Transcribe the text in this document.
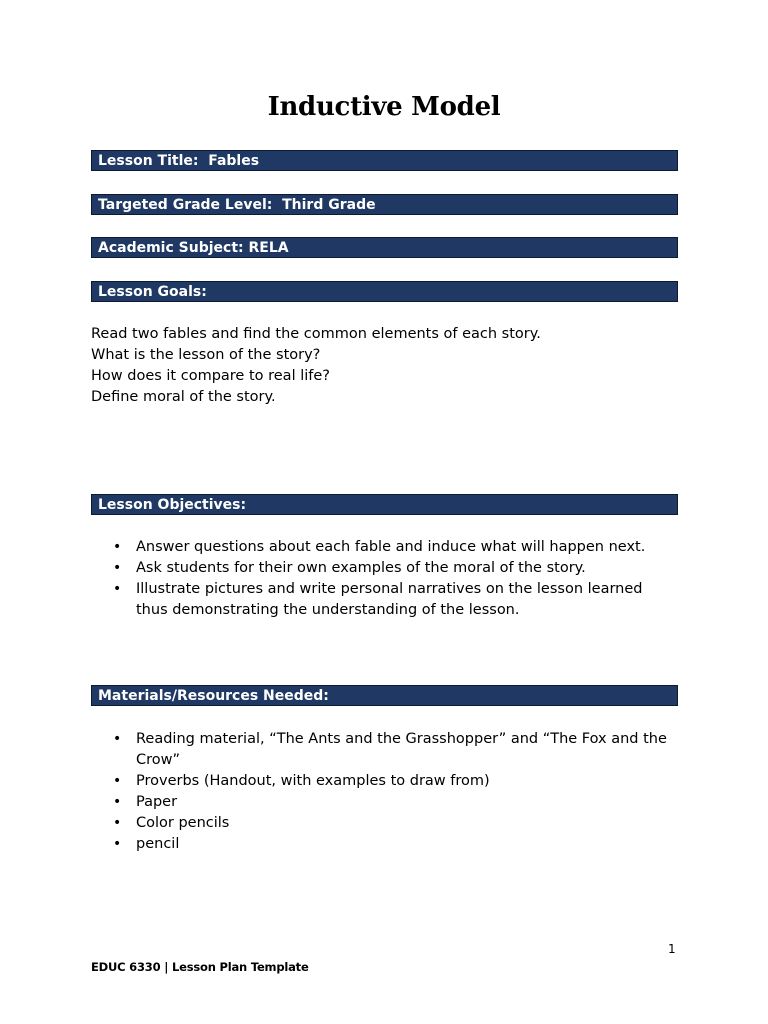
Inductive Model
Lesson Title:  Fables
Targeted Grade Level:  Third Grade
Academic Subject: RELA
Lesson Goals:
Read two fables and find the common elements of each story.
What is the lesson of the story?
How does it compare to real life?
Define moral of the story.
Lesson Objectives:
• Answer questions about each fable and induce what will happen next.
• Ask students for their own examples of the moral of the story.
• Illustrate pictures and write personal narratives on the lesson learned thus demonstrating the understanding of the lesson.
Materials/Resources Needed:
• Reading material, “The Ants and the Grasshopper” and “The Fox and the Crow”
• Proverbs (Handout, with examples to draw from)
• Paper
• Color pencils
• pencil
1
EDUC 6330 | Lesson Plan Template
